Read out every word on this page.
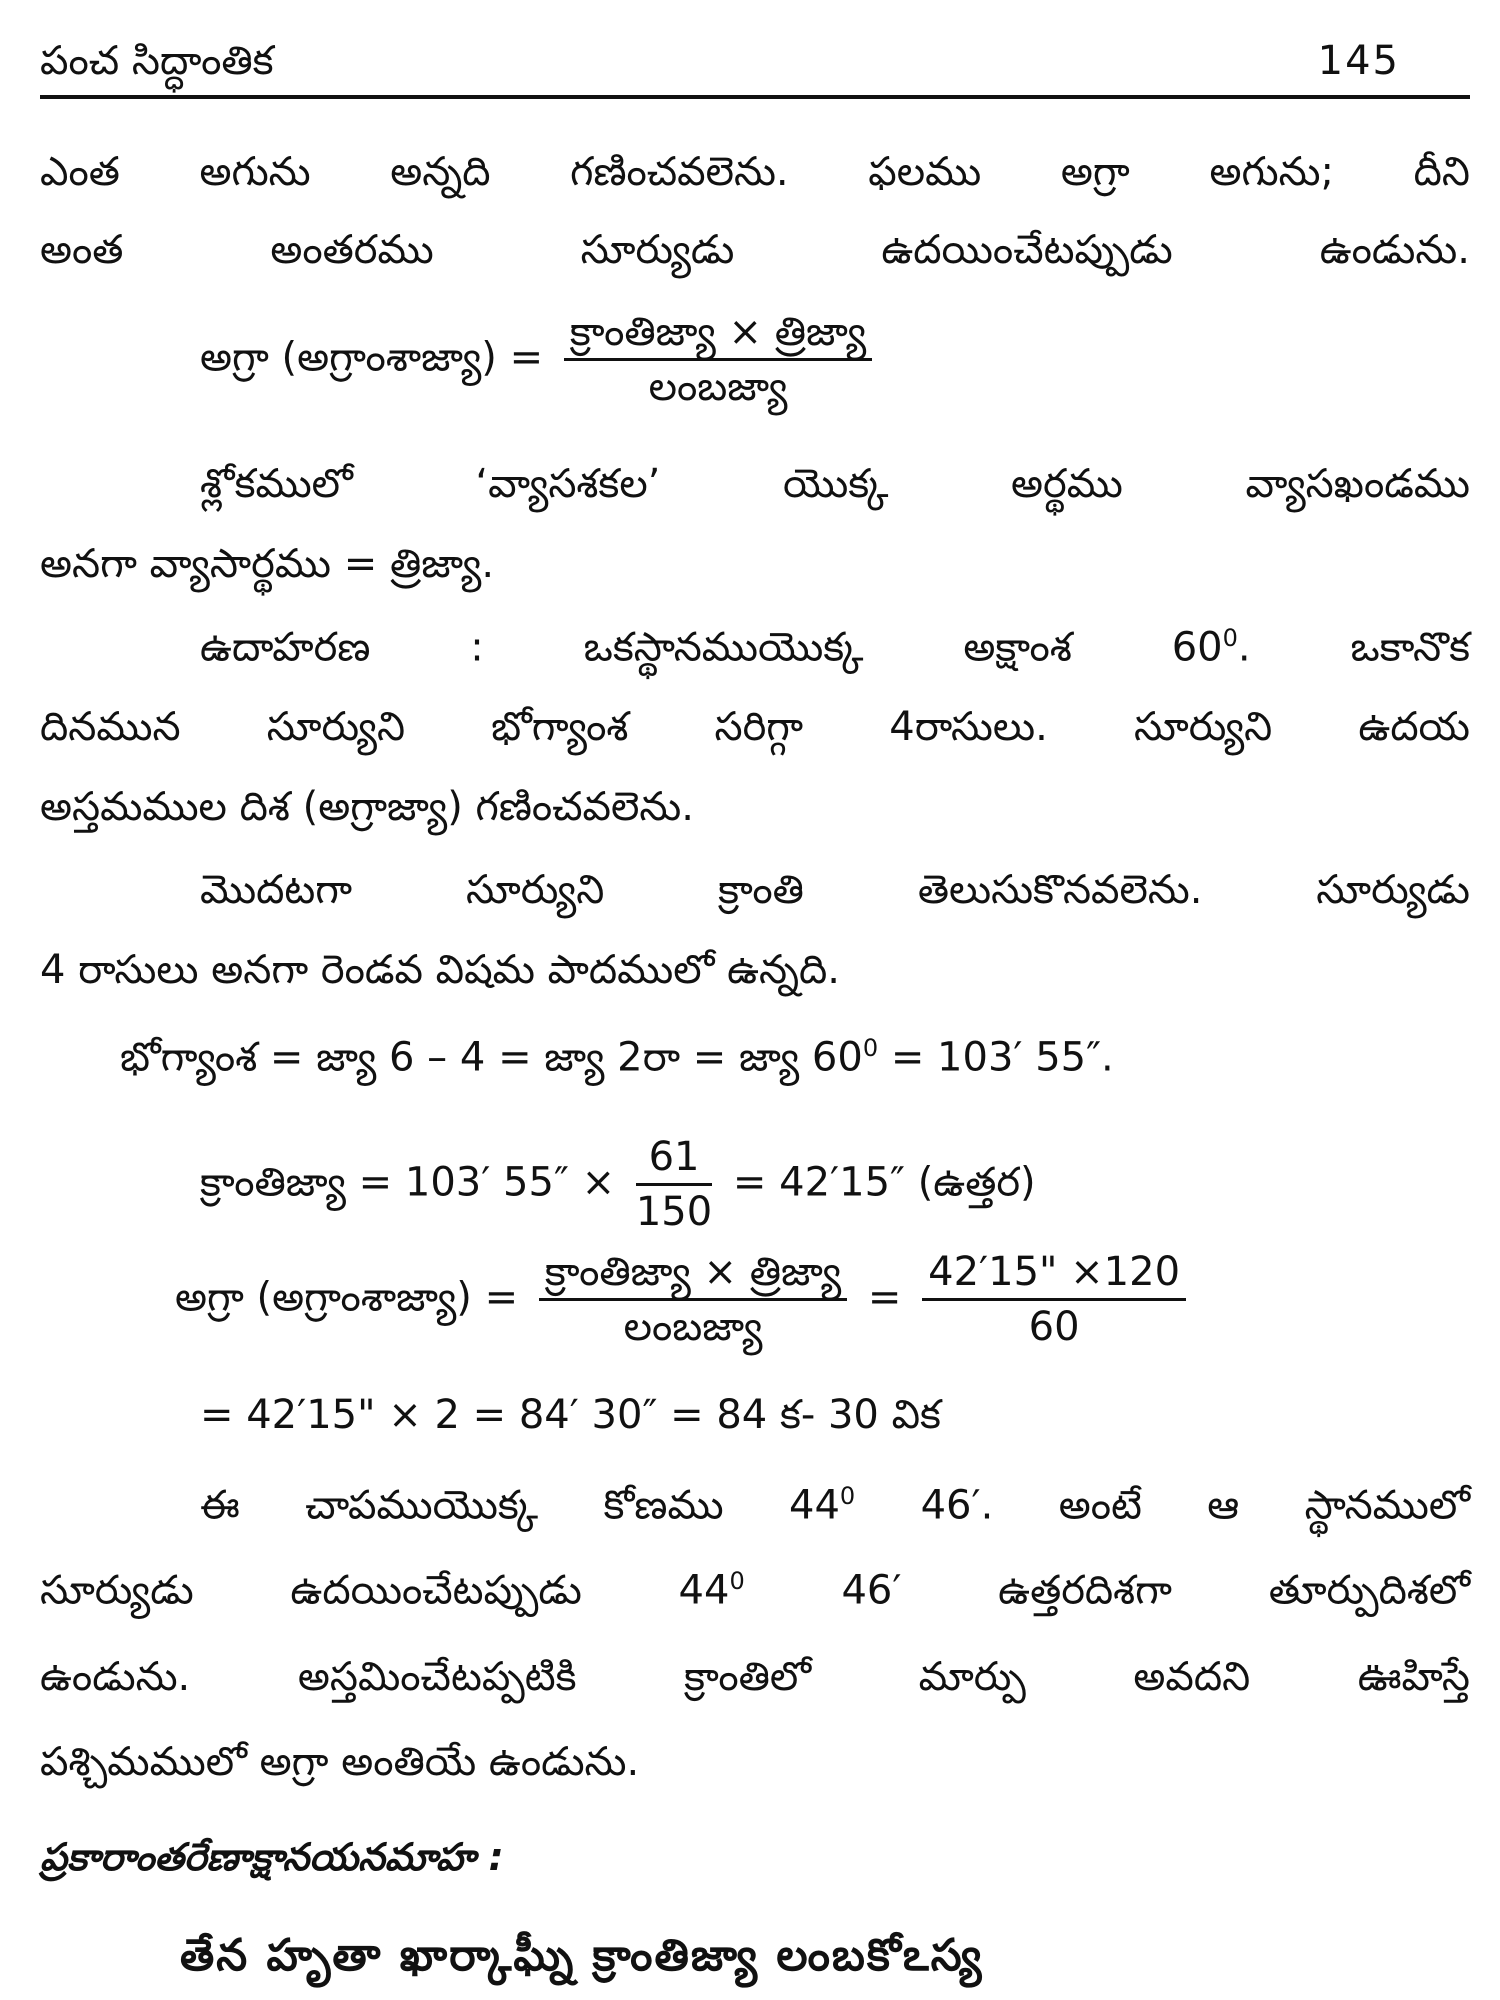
పంచ సిద్ధాంతిక	145
ఎంత అగును అన్నది గణించవలెను. ఫలము అగ్రా అగును; దీని
అంత అంతరము సూర్యుడు ఉదయించేటప్పుడు ఉండును.
అగ్రా (అగ్రాంశాజ్యా) = $\frac{\text{క్రాంతిజ్యా × త్రిజ్యా}}{\text{లంబజ్యా}}$
శ్లోకములో ‘వ్యాసశకల’ యొక్క అర్థము వ్యాసఖండము
అనగా వ్యాసార్థము = త్రిజ్యా.
ఉదాహరణ : ఒకస్థానముయొక్క అక్షాంశ $60^0$. ఒకానొక
దినమున సూర్యుని భోగ్యాంశ సరిగ్గా 4రాసులు. సూర్యుని ఉదయ
అస్తమముల దిశ (అగ్రాజ్యా) గణించవలెను.
మొదటగా సూర్యుని క్రాంతి తెలుసుకొనవలెను. సూర్యుడు
4 రాసులు అనగా రెండవ విషమ పాదములో ఉన్నది.
భోగ్యాంశ = జ్యా 6 – 4 = జ్యా 2రా = జ్యా $60^0 = 103'$ 55″.
క్రాంతిజ్యా = 103′ $55'' \times \frac{61}{150} = 42'15''$ (ఉత్తర)
అగ్రా (అగ్రాంశాజ్యా) = $\frac{\text{క్రాంతిజ్యా × త్రిజ్యా}}{\text{లంబజ్యా}} = \frac{42'15" \times 120}{60}$
= 42′15" × 2 = 84′ 30″ = 84 క- 30 విక
ఈ చాపముయొక్క కోణము $44^0$ 46′. అంటే ఆ స్థానములో
సూర్యుడు ఉదయించేటప్పుడు $44^0$ 46′ ఉత్తరదిశగా తూర్పుదిశలో
ఉండును. అస్తమించేటప్పటికి క్రాంతిలో మార్పు అవదని ఊహిస్తే
పశ్చిమములో అగ్రా అంతియే ఉండును.
ప్రకారాంతరేణాక్షానయనమాహ :
తేన హృతా ఖార్కాఘ్నీ క్రాంతిజ్యా లంబకోఽస్య
